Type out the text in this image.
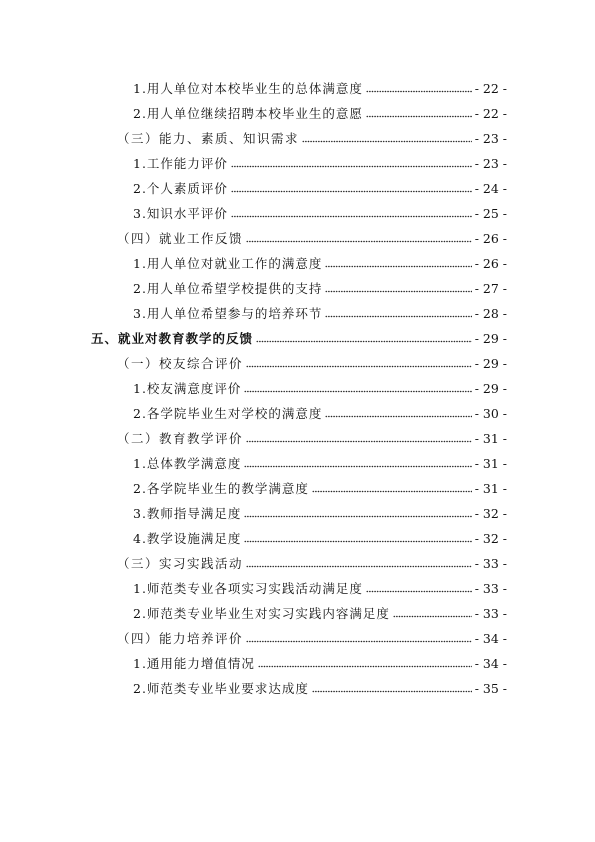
1.用人单位对本校毕业生的总体满意度	- 22 -
2.用人单位继续招聘本校毕业生的意愿	- 22 -
（三）能力、素质、知识需求	- 23 -
1.工作能力评价	- 23 -
2.个人素质评价	- 24 -
3.知识水平评价	- 25 -
（四）就业工作反馈	- 26 -
1.用人单位对就业工作的满意度	- 26 -
2.用人单位希望学校提供的支持	- 27 -
3.用人单位希望参与的培养环节	- 28 -
五、就业对教育教学的反馈	- 29 -
（一）校友综合评价	- 29 -
1.校友满意度评价	- 29 -
2.各学院毕业生对学校的满意度	- 30 -
（二）教育教学评价	- 31 -
1.总体教学满意度	- 31 -
2.各学院毕业生的教学满意度	- 31 -
3.教师指导满足度	- 32 -
4.教学设施满足度	- 32 -
（三）实习实践活动	- 33 -
1.师范类专业各项实习实践活动满足度	- 33 -
2.师范类专业毕业生对实习实践内容满足度	- 33 -
（四）能力培养评价	- 34 -
1.通用能力增值情况	- 34 -
2.师范类专业毕业要求达成度	- 35 -
